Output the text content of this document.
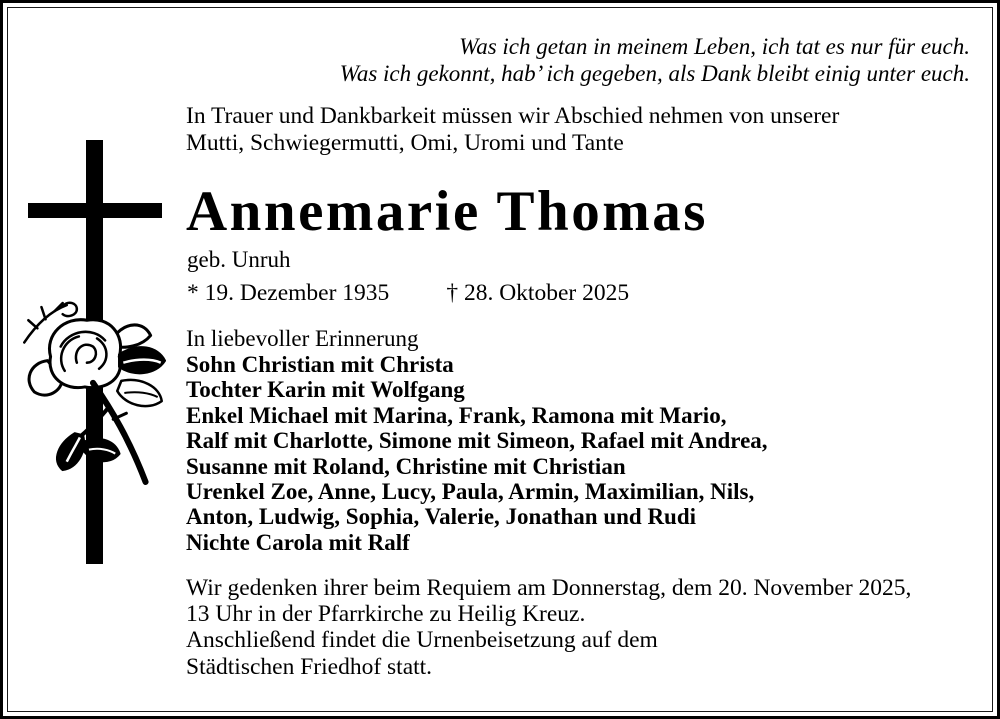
Was ich getan in meinem Leben, ich tat es nur für euch.
Was ich gekonnt, hab’ ich gegeben, als Dank bleibt einig unter euch.
In Trauer und Dankbarkeit müssen wir Abschied nehmen von unserer
Mutti, Schwiegermutti, Omi, Uromi und Tante
Annemarie Thomas
geb. Unruh
* 19. Dezember 1935 † 28. Oktober 2025
In liebevoller Erinnerung
Sohn Christian mit Christa
Tochter Karin mit Wolfgang
Enkel Michael mit Marina, Frank, Ramona mit Mario,
Ralf mit Charlotte, Simone mit Simeon, Rafael mit Andrea,
Susanne mit Roland, Christine mit Christian
Urenkel Zoe, Anne, Lucy, Paula, Armin, Maximilian, Nils,
Anton, Ludwig, Sophia, Valerie, Jonathan und Rudi
Nichte Carola mit Ralf
Wir gedenken ihrer beim Requiem am Donnerstag, dem 20. November 2025,
13 Uhr in der Pfarrkirche zu Heilig Kreuz.
Anschließend findet die Urnenbeisetzung auf dem
Städtischen Friedhof statt.
